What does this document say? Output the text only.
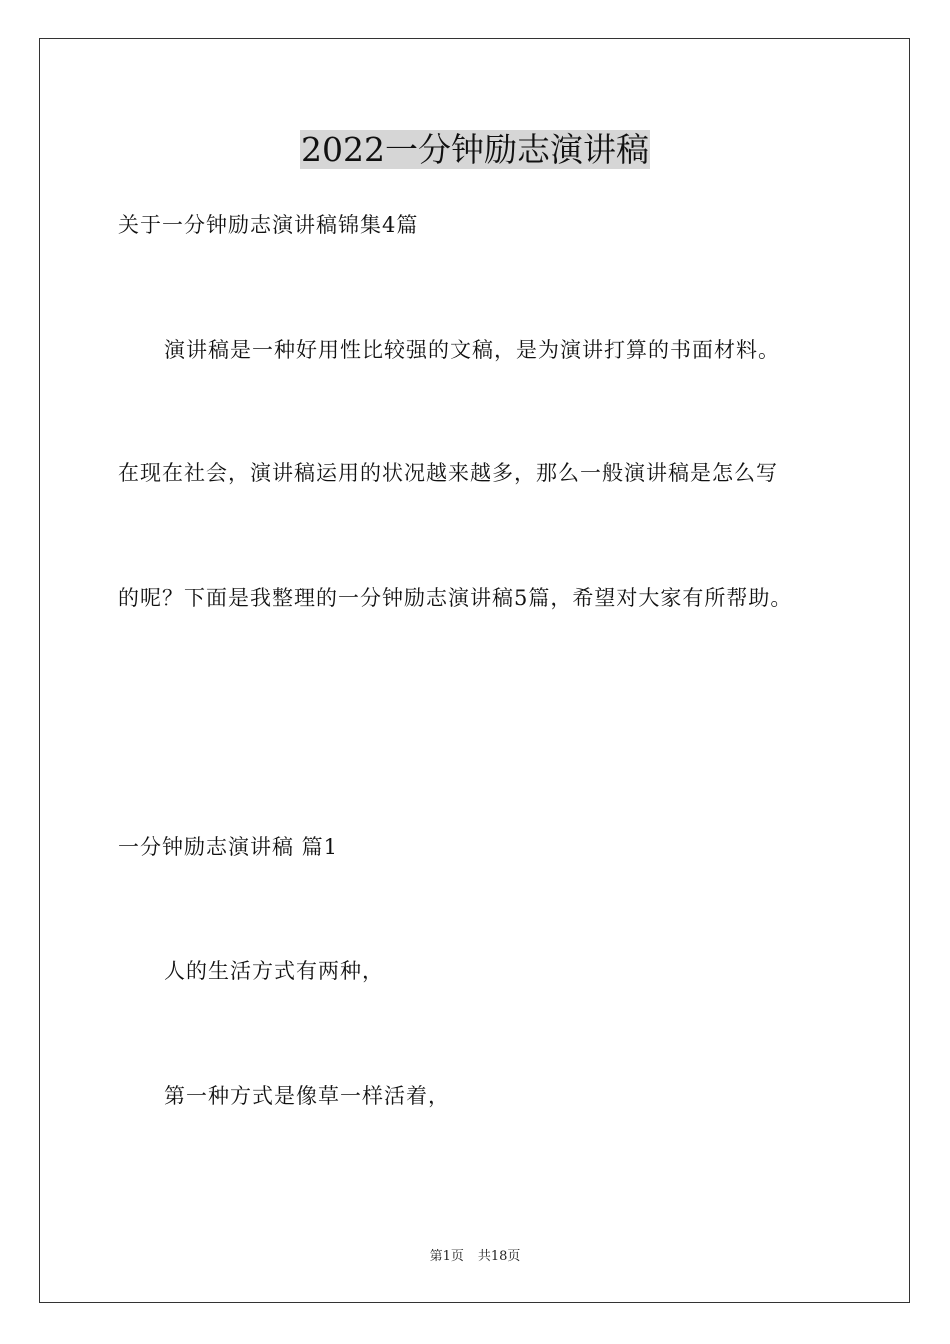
2022一分钟励志演讲稿
关于一分钟励志演讲稿锦集4篇
演讲稿是一种好用性比较强的文稿，是为演讲打算的书面材料。
在现在社会，演讲稿运用的状况越来越多，那么一般演讲稿是怎么写
的呢？下面是我整理的一分钟励志演讲稿5篇，希望对大家有所帮助。
一分钟励志演讲稿 篇1
人的生活方式有两种，
第一种方式是像草一样活着，
第1页 共18页
